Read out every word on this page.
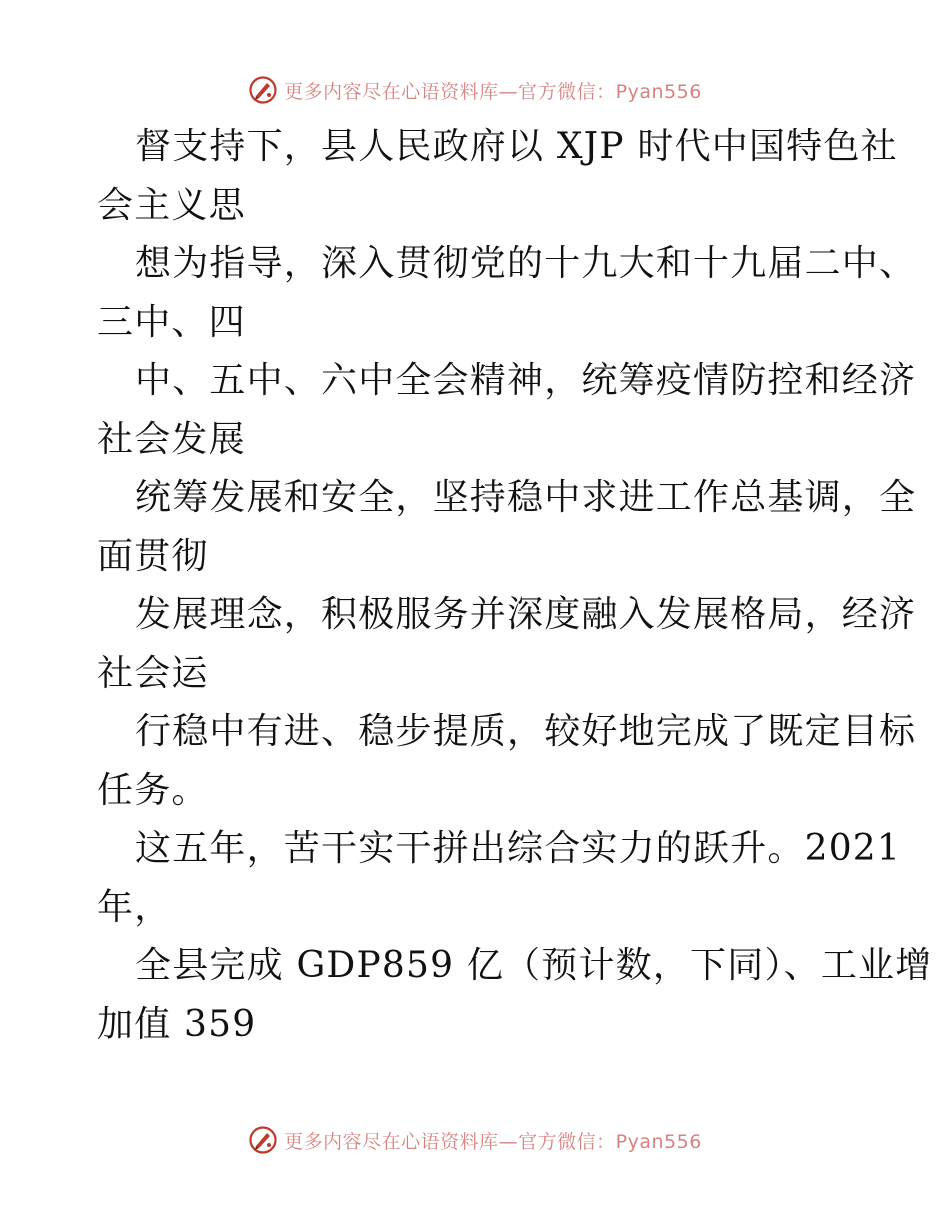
更多内容尽在心语资料库—官方微信：Pyan556
督支持下，县人民政府以 XJP 时代中国特色社
会主义思
想为指导，深入贯彻党的十九大和十九届二中、
三中、四
中、五中、六中全会精神，统筹疫情防控和经济
社会发展
统筹发展和安全，坚持稳中求进工作总基调，全
面贯彻
发展理念，积极服务并深度融入发展格局，经济
社会运
行稳中有进、稳步提质，较好地完成了既定目标
任务。
这五年，苦干实干拼出综合实力的跃升。2021
年，
全县完成 GDP859 亿（预计数，下同）、工业增
加值 359
更多内容尽在心语资料库—官方微信：Pyan556
